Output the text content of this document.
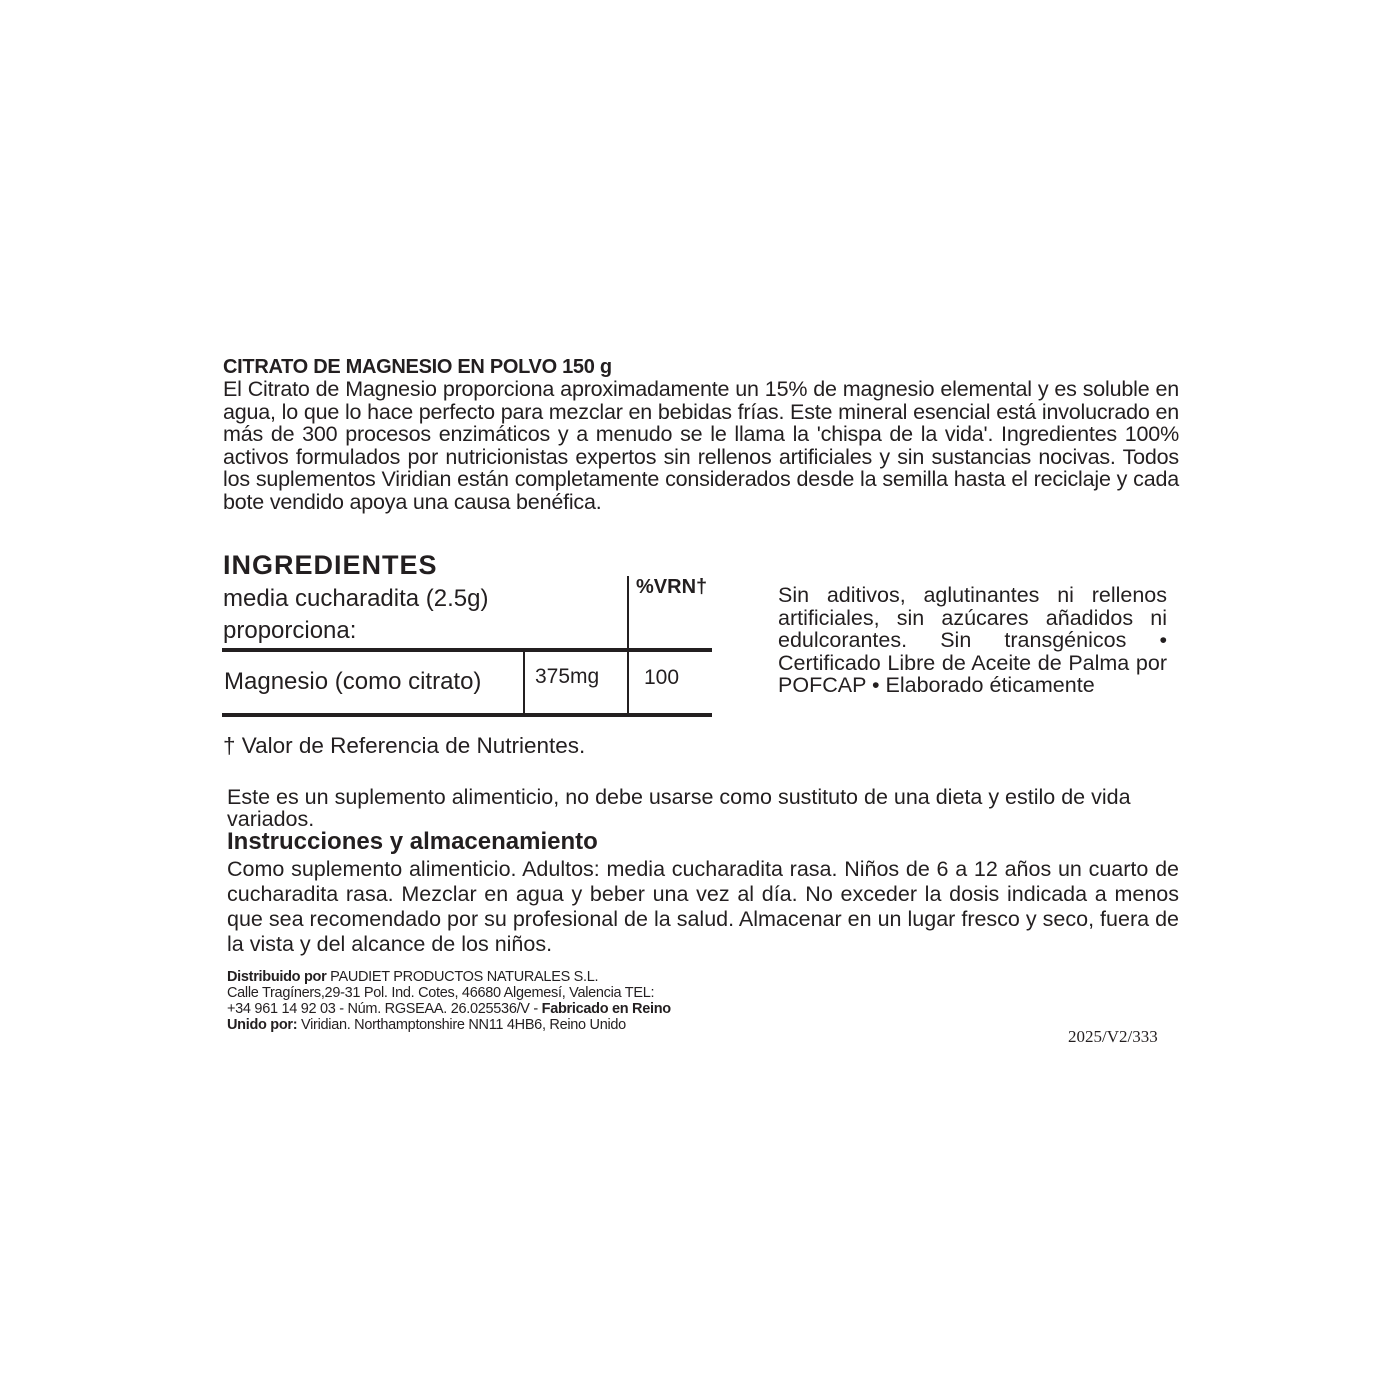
CITRATO DE MAGNESIO EN POLVO 150 g
El Citrato de Magnesio proporciona aproximadamente un 15% de magnesio elemental y es soluble en agua, lo que lo hace perfecto para mezclar en bebidas frías. Este mineral esencial está involucrado en más de 300 procesos enzimáticos y a menudo se le llama la 'chispa de la vida'. Ingredientes 100% activos formulados por nutricionistas expertos sin rellenos artificiales y sin sustancias nocivas. Todos los suplementos Viridian están completamente considerados desde la semilla hasta el reciclaje y cada bote vendido apoya una causa benéfica.
INGREDIENTES
media cucharadita (2.5g)
proporciona:
%VRN†
Magnesio (como citrato)	375mg 100
Sin aditivos, aglutinantes ni rellenos artificiales, sin azúcares añadidos ni edulcorantes. Sin transgénicos • Certificado Libre de Aceite de Palma por POFCAP • Elaborado éticamente
† Valor de Referencia de Nutrientes.
Este es un suplemento alimenticio, no debe usarse como sustituto de una dieta y estilo de vida variados.
Instrucciones y almacenamiento
Como suplemento alimenticio. Adultos: media cucharadita rasa. Niños de 6 a 12 años un cuarto de cucharadita rasa. Mezclar en agua y beber una vez al día. No exceder la dosis indicada a menos que sea recomendado por su profesional de la salud. Almacenar en un lugar fresco y seco, fuera de la vista y del alcance de los niños.
Distribuido por PAUDIET PRODUCTOS NATURALES S.L.
Calle Tragíners,29-31 Pol. Ind. Cotes, 46680 Algemesí, Valencia TEL:
+34 961 14 92 03 - Núm. RGSEAA. 26.025536/V - Fabricado en Reino
Unido por: Viridian. Northamptonshire NN11 4HB6, Reino Unido
2025/V2/333
